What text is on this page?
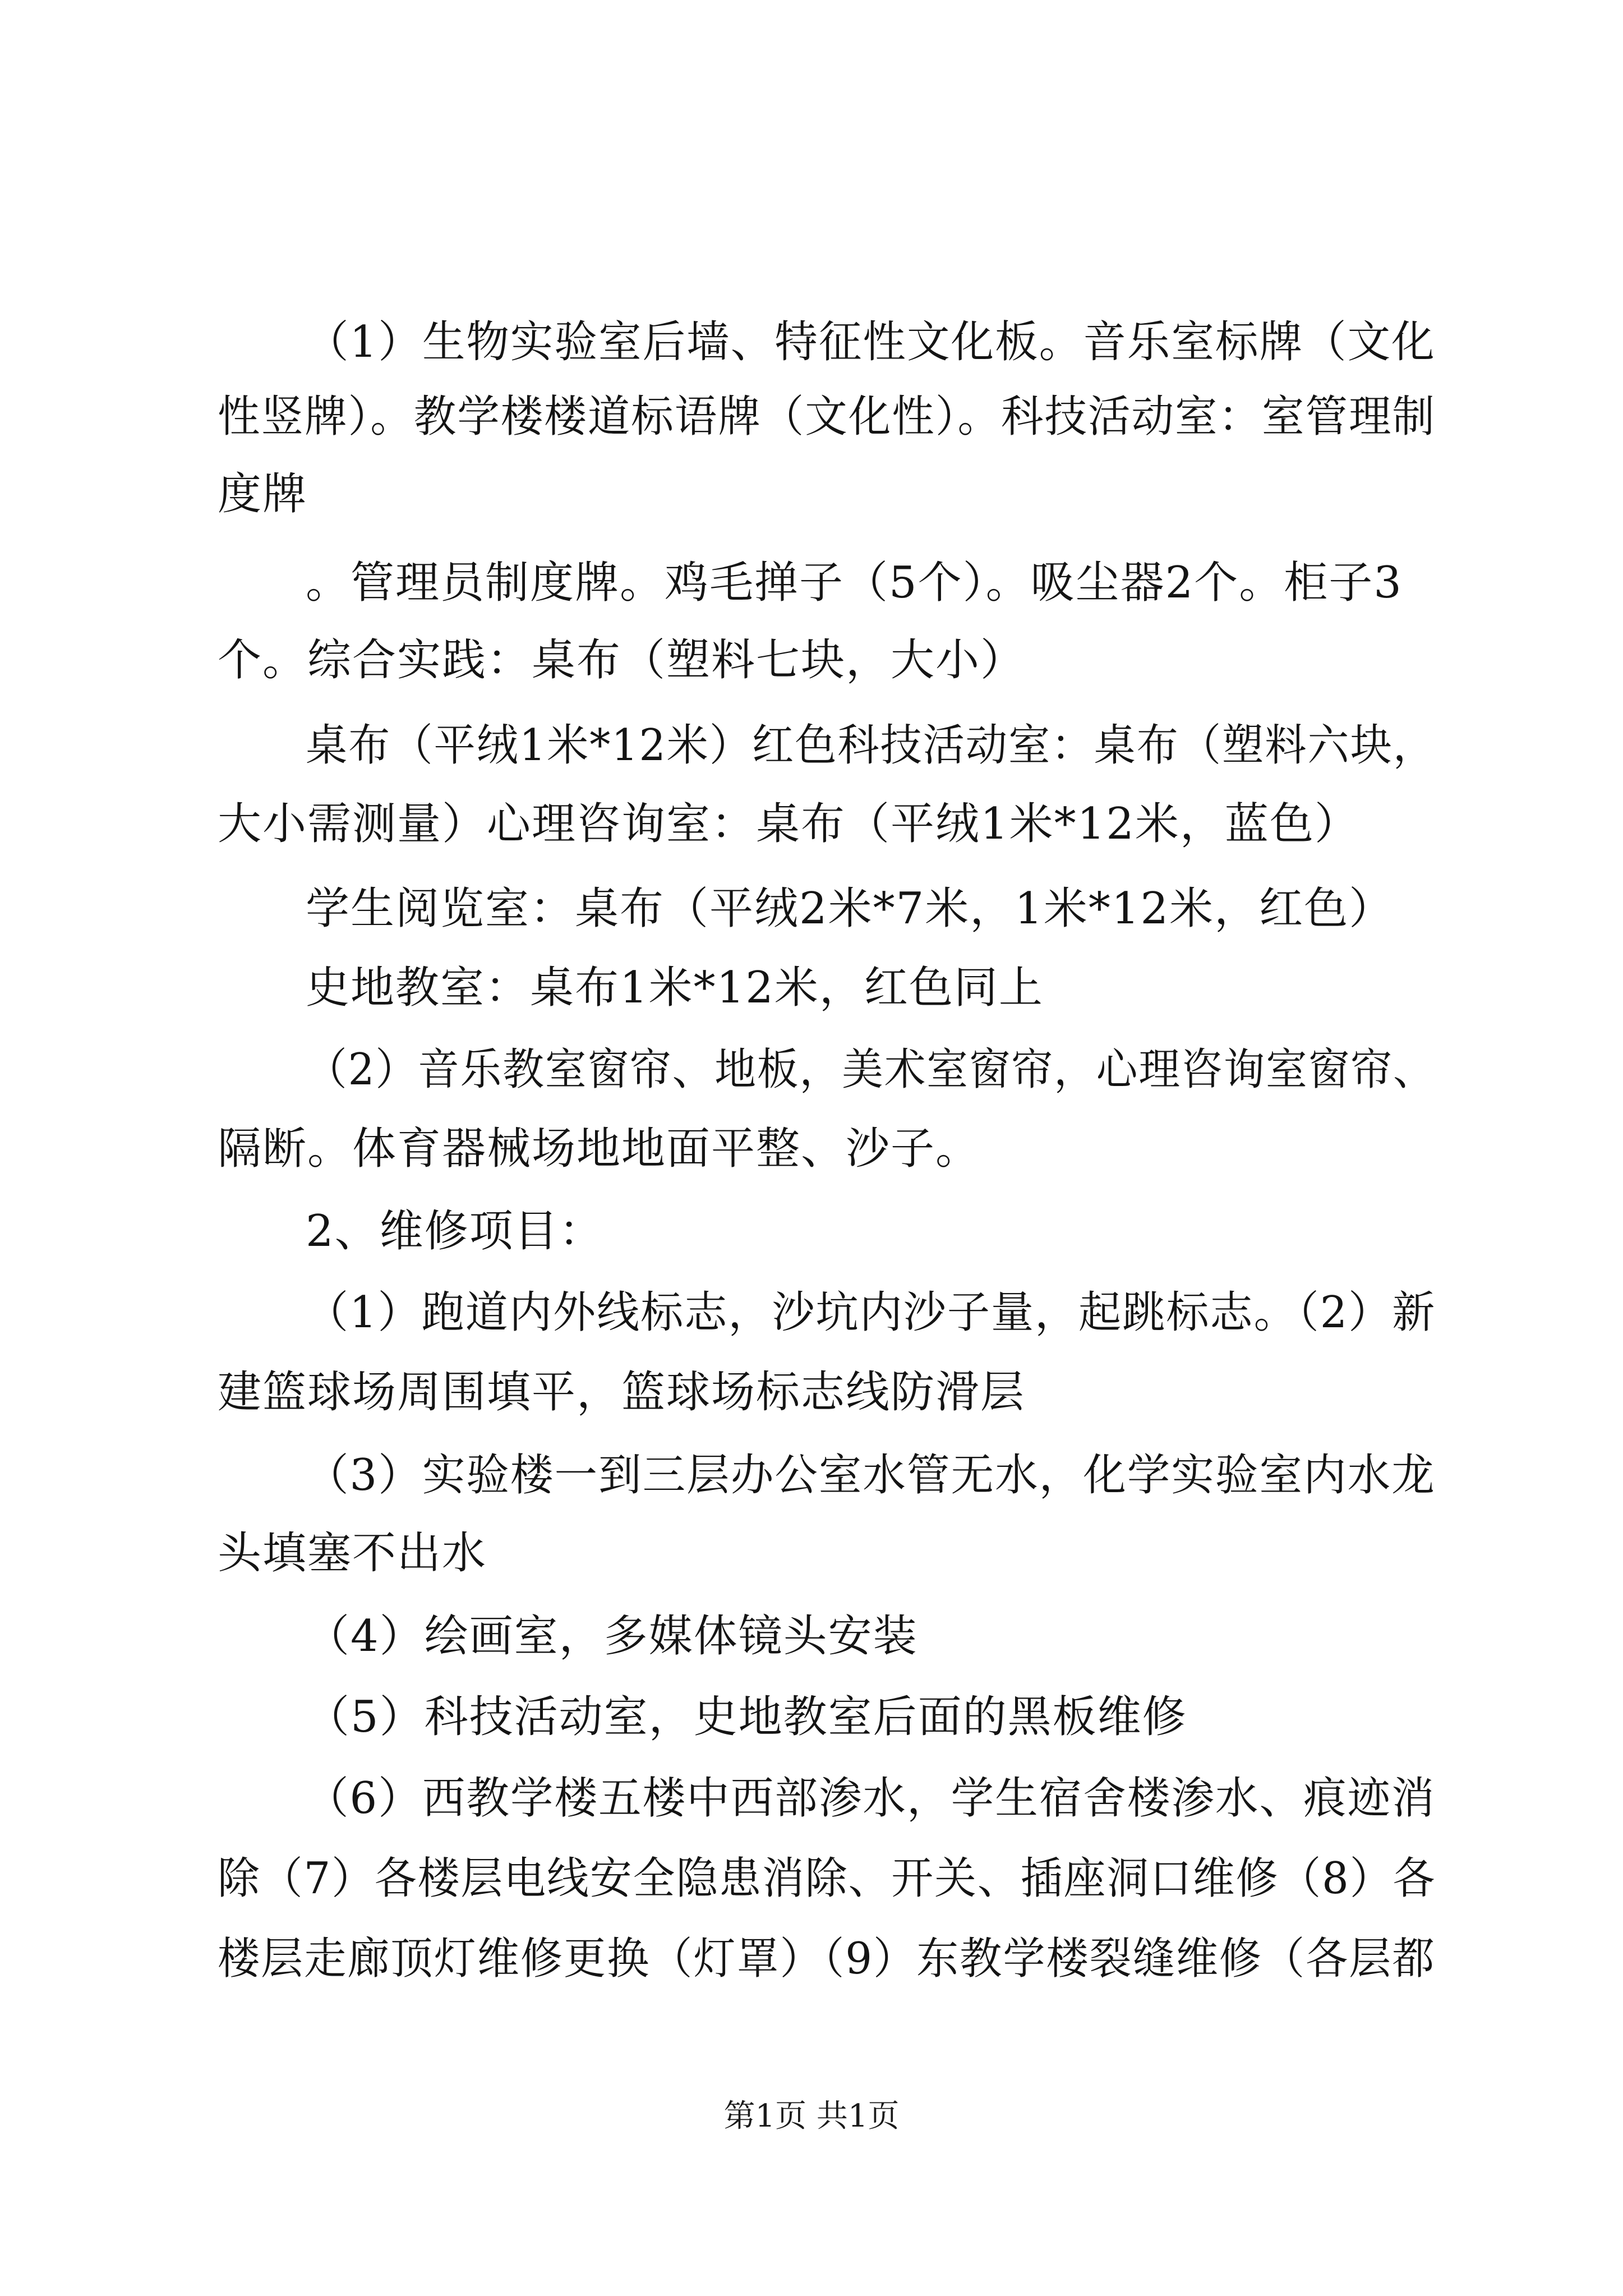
（1）生物实验室后墙、特征性文化板。音乐室标牌（文化
性竖牌）。教学楼楼道标语牌（文化性）。科技活动室：室管理制
度牌
。管理员制度牌。鸡毛掸子（5个）。吸尘器2个。柜子3
个。综合实践：桌布（塑料七块，大小）
桌布（平绒1米*12米）红色科技活动室：桌布（塑料六块，
大小需测量）心理咨询室：桌布（平绒1米*12米，蓝色）
学生阅览室：桌布（平绒2米*7米，1米*12米，红色）
史地教室：桌布1米*12米，红色同上
（2）音乐教室窗帘、地板，美术室窗帘，心理咨询室窗帘、
隔断。体育器械场地地面平整、沙子。
2、维修项目：
（1）跑道内外线标志，沙坑内沙子量，起跳标志。（2）新
建篮球场周围填平，篮球场标志线防滑层
（3）实验楼一到三层办公室水管无水，化学实验室内水龙
头填塞不出水
（4）绘画室，多媒体镜头安装
（5）科技活动室，史地教室后面的黑板维修
（6）西教学楼五楼中西部渗水，学生宿舍楼渗水、痕迹消
除（7）各楼层电线安全隐患消除、开关、插座洞口维修（8）各
楼层走廊顶灯维修更换（灯罩）（9）东教学楼裂缝维修（各层都
第1页 共1页
